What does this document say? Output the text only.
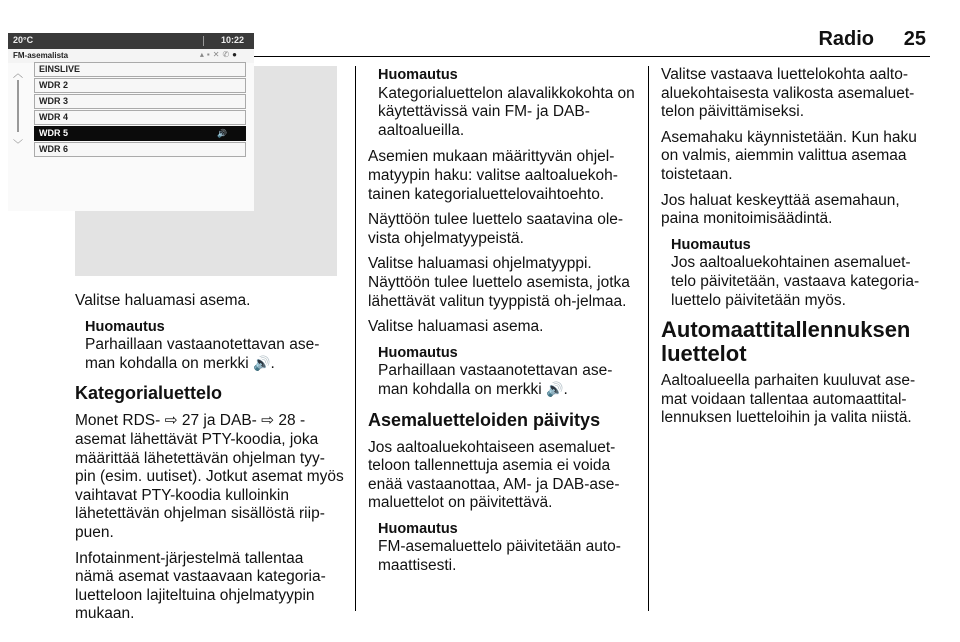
Radio 25
20°C	10:22
FM-asemalista	▴▪✕✆●
︿
﹀
EINSLIVE
WDR 2
WDR 3
WDR 4
WDR 5	🔊
WDR 6

Valitse haluamasi asema.

Huomautus
Parhaillaan vastaanotettavan ase-man kohdalla on merkki 🔊.
Kategorialuettelo

Monet RDS- ⇨ 27 ja DAB- ⇨ 28 -asemat lähettävät PTY-koodia, joka määrittää lähetettävän ohjelman tyy-pin (esim. uutiset). Jotkut asemat myös vaihtavat PTY-koodia kulloinkin lähetettävän ohjelman sisällöstä riip-puen.

Infotainment-järjestelmä tallentaa nämä asemat vastaavaan kategoria-luetteloon lajiteltuina ohjelmatyypin mukaan.

Huomautus
Kategorialuettelon alavalikkokohta on käytettävissä vain FM- ja DAB-aaltoalueilla.

Asemien mukaan määrittyvän ohjel-matyypin haku: valitse aaltoaluekoh-tainen kategorialuettelovaihtoehto.

Näyttöön tulee luettelo saatavina ole-vista ohjelmatyypeistä.

Valitse haluamasi ohjelmatyyppi. Näyttöön tulee luettelo asemista, jotka lähettävät valitun tyyppistä oh-jelmaa.

Valitse haluamasi asema.

Huomautus
Parhaillaan vastaanotettavan ase-man kohdalla on merkki 🔊.
Asemaluetteloiden päivitys

Jos aaltoaluekohtaiseen asemaluet-teloon tallennettuja asemia ei voida enää vastaanottaa, AM- ja DAB-ase-maluettelot on päivitettävä.

Huomautus
FM-asemaluettelo päivitetään auto-maattisesti.

Valitse vastaava luettelokohta aalto-aluekohtaisesta valikosta asemaluet-telon päivittämiseksi.

Asemahaku käynnistetään. Kun haku on valmis, aiemmin valittua asemaa toistetaan.

Jos haluat keskeyttää asemahaun, paina monitoimisäädintä.

Huomautus
Jos aaltoaluekohtainen asemaluet-telo päivitetään, vastaava kategoria-luettelo päivitetään myös.
Automaattitallennuksen luettelot

Aaltoalueella parhaiten kuuluvat ase-mat voidaan tallentaa automaattital-lennuksen luetteloihin ja valita niistä.
